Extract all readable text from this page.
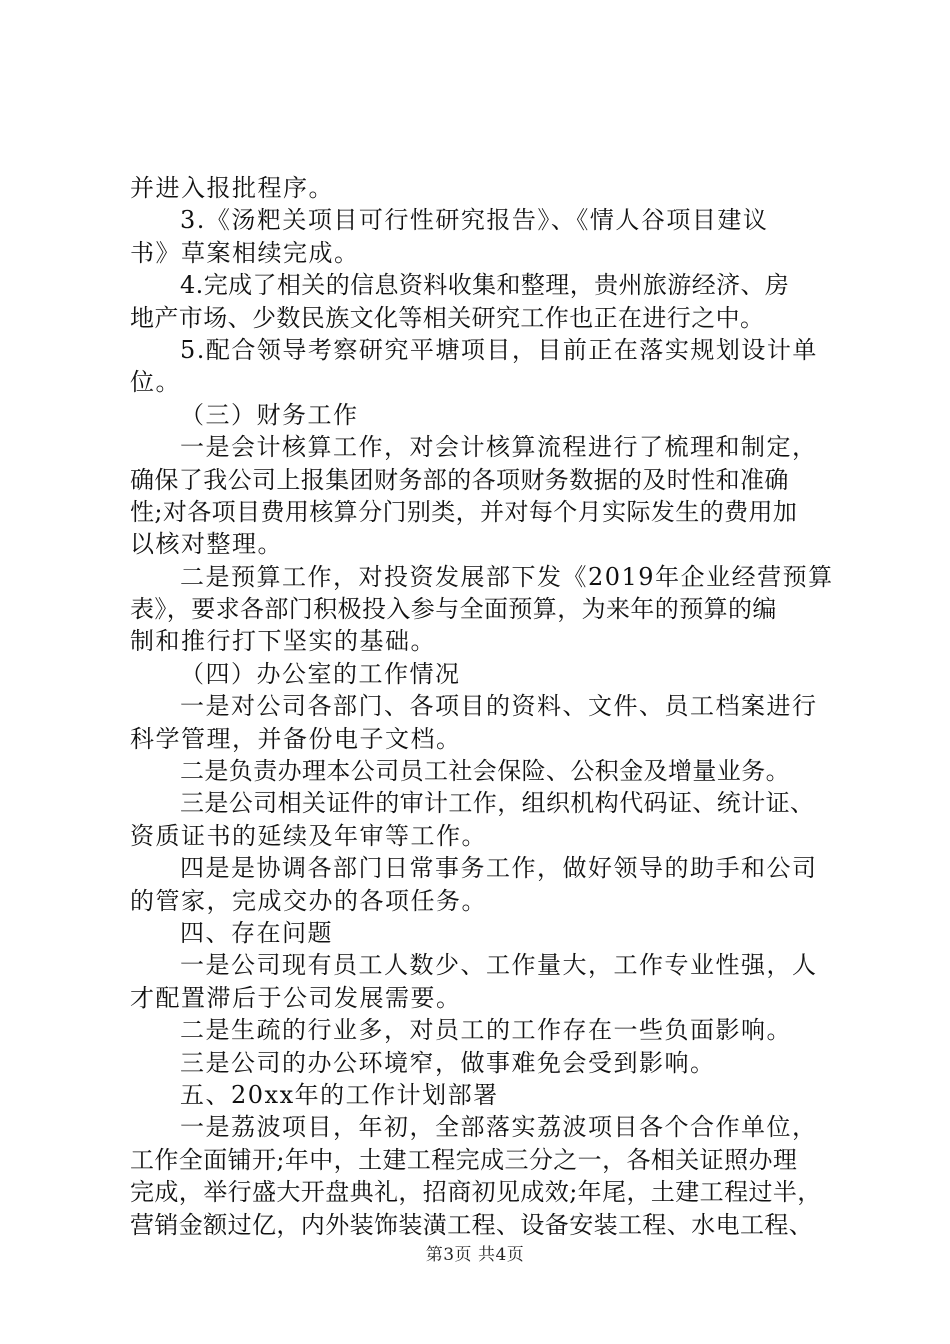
并进入报批程序。
3.《汤粑关项目可行性研究报告》、《情人谷项目建议
书》草案相续完成。
4.完成了相关的信息资料收集和整理，贵州旅游经济、房
地产市场、少数民族文化等相关研究工作也正在进行之中。
5.配合领导考察研究平塘项目，目前正在落实规划设计单
位。
（三）财务工作
一是会计核算工作，对会计核算流程进行了梳理和制定，
确保了我公司上报集团财务部的各项财务数据的及时性和准确
性;对各项目费用核算分门别类，并对每个月实际发生的费用加
以核对整理。
二是预算工作，对投资发展部下发《2019年企业经营预算
表》，要求各部门积极投入参与全面预算，为来年的预算的编
制和推行打下坚实的基础。
（四）办公室的工作情况
一是对公司各部门、各项目的资料、文件、员工档案进行
科学管理，并备份电子文档。
二是负责办理本公司员工社会保险、公积金及增量业务。
三是公司相关证件的审计工作，组织机构代码证、统计证、
资质证书的延续及年审等工作。
四是是协调各部门日常事务工作，做好领导的助手和公司
的管家，完成交办的各项任务。
四、存在问题
一是公司现有员工人数少、工作量大，工作专业性强，人
才配置滞后于公司发展需要。
二是生疏的行业多，对员工的工作存在一些负面影响。
三是公司的办公环境窄，做事难免会受到影响。
五、20xx年的工作计划部署
一是荔波项目，年初，全部落实荔波项目各个合作单位，
工作全面铺开;年中，土建工程完成三分之一，各相关证照办理
完成，举行盛大开盘典礼，招商初见成效;年尾，土建工程过半，
营销金额过亿，内外装饰装潢工程、设备安装工程、水电工程、
第3页 共4页
